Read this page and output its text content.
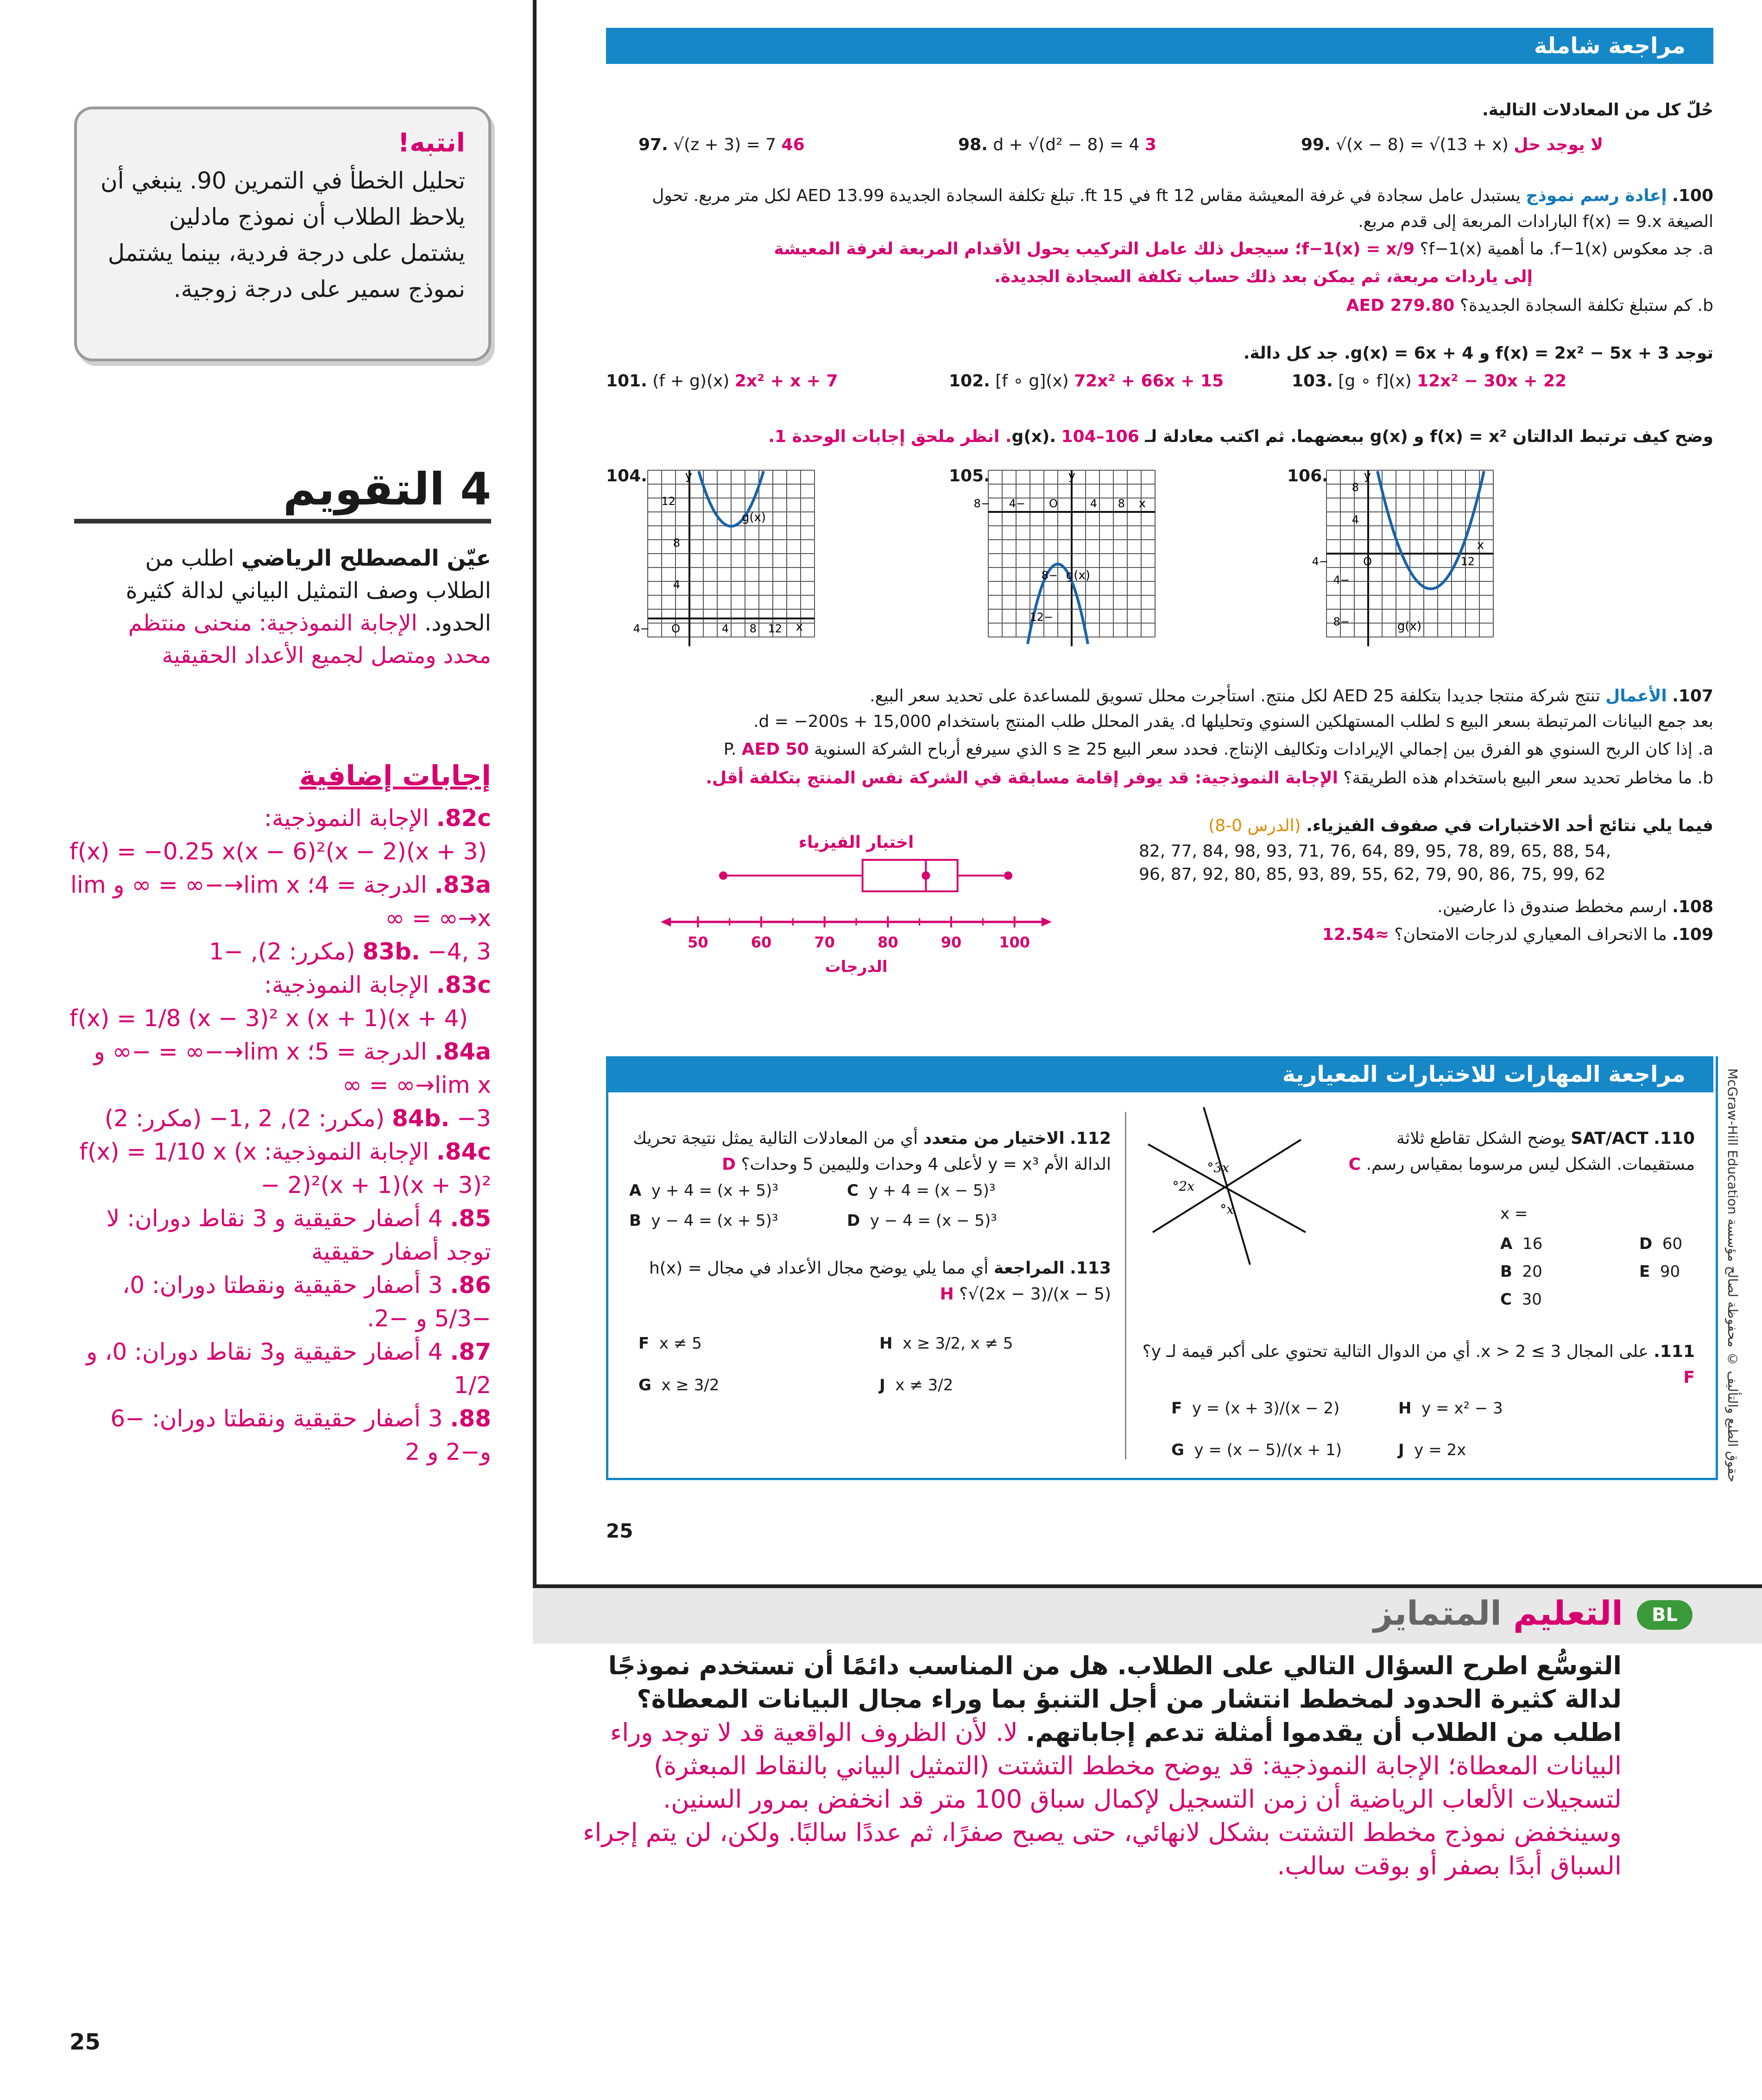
انتبه!
تحليل الخطأ في التمرين 90. ينبغي أن يلاحظ الطلاب أن نموذج مادلين يشتمل على درجة فردية، بينما يشتمل نموذج سمير على درجة زوجية.
4 التقويم
عيّن المصطلح الرياضي اطلب من الطلاب وصف التمثيل البياني لدالة كثيرة الحدود. الإجابة النموذجية: منحنى منتظم محدد ومتصل لجميع الأعداد الحقيقية
إجابات إضافية
82c. الإجابة النموذجية:
f(x) = −0.25 x(x − 6)²(x − 2)(x + 3)
83a. الدرجة = 4؛ lim x→−∞ = ∞ و lim x→∞ = ∞
83b. −4, 3 (مكرر: 2), −1
83c. الإجابة النموذجية:
f(x) = 1/8 (x − 3)² x (x + 1)(x + 4)
84a. الدرجة = 5؛ lim x→−∞ = −∞ و lim x→∞ = ∞
84b. −3 (مكرر: 2), 2 ,1− (مكرر: 2)
84c. الإجابة النموذجية: f(x) = 1/10 x (x − 2)²(x + 1)(x + 3)²
85. 4 أصفار حقيقية و 3 نقاط دوران: لا توجد أصفار حقيقية
86. 3 أصفار حقيقية ونقطتا دوران: 0، −5/3 و −2.
87. 4 أصفار حقيقية و3 نقاط دوران: 0، و 1/2
88. 3 أصفار حقيقية ونقطتا دوران: −6 و−2 و 2
25
مراجعة شاملة
حُلّ كل من المعادلات التالية.
97. √(z + 3) = 7 46	98. d + √(d² − 8) = 4 3	99. √(x − 8) = √(13 + x) لا يوجد حل
100. إعادة رسم نموذج يستبدل عامل سجادة في غرفة المعيشة مقاس 12 ft في 15 ft. تبلغ تكلفة السجادة الجديدة 13.99 AED لكل متر مربع. تحول الصيغة f(x) = 9.x البارادات المربعة إلى قدم مربع.
a. جد معكوس f−1(x). ما أهمية f−1(x)؟ f−1(x) = x/9؛ سيجعل ذلك عامل التركيب يحول الأقدام المربعة لغرفة المعيشة
إلى ياردات مربعة، ثم يمكن بعد ذلك حساب تكلفة السجادة الجديدة.
b. كم ستبلغ تكلفة السجادة الجديدة؟ AED 279.80
توجد f(x) = 2x² − 5x + 3 و g(x) = 6x + 4. جد كل دالة.
101. (f + g)(x) 2x² + x + 7	102. [f ∘ g](x) 72x² + 66x + 15	103. [g ∘ f](x) 12x² − 30x + 22
وضح كيف ترتبط الدالتان f(x) = x² و g(x) ببعضهما. ثم اكتب معادلة لـ g(x). 104–106. انظر ملحق إجابات الوحدة 1.
104.	y
x
g(x)
12
8
4
−4 O	4 8 12
105.	y
x
g(x)
−8 −4 O	4 8
−8
−12
106.	y
x
g(x)
8
4
−4	O	12
−4
−8
107. الأعمال تنتج شركة منتجا جديدا بتكلفة 25 AED لكل منتج. استأجرت محلل تسويق للمساعدة على تحديد سعر البيع.
بعد جمع البيانات المرتبطة بسعر البيع s لطلب المستهلكين السنوي وتحليلها d. يقدر المحلل طلب المنتج باستخدام d = −200s + 15,000.
a. إذا كان الربح السنوي هو الفرق بين إجمالي الإيرادات وتكاليف الإنتاج. فحدد سعر البيع s ≥ 25 الذي سيرفع أرباح الشركة السنوية P. AED 50
b. ما مخاطر تحديد سعر البيع باستخدام هذه الطريقة؟ الإجابة النموذجية: قد يوفر إقامة مسابقة في الشركة نفس المنتج بتكلفة أقل.
فيما يلي نتائج أحد الاختبارات في صفوف الفيزياء. (الدرس 0-8)
82, 77, 84, 98, 93, 71, 76, 64, 89, 95, 78, 89, 65, 88, 54,
96, 87, 92, 80, 85, 93, 89, 55, 62, 79, 90, 86, 75, 99, 62
108. ارسم مخطط صندوق ذا عارضين.
109. ما الانحراف المعياري لدرجات الامتحان؟ ≈12.54
اختبار الفيزياء
50	60	70	80	90	100
الدرجات
مراجعة المهارات للاختبارات المعيارية
110. SAT/ACT يوضح الشكل تقاطع ثلاثة مستقيمات. الشكل ليس مرسوما بمقياس رسم. C
3x°
2x°
x°	x =
A 16
B 20
C 30
D 60
E 90
111. على المجال 3 ≥ x > 2. أي من الدوال التالية تحتوي على أكبر قيمة لـ y؟ F
F y = (x + 3)/(x − 2)
G y = (x − 5)/(x + 1)
H y = x² − 3
J y = 2x
112. الاختيار من متعدد أي من المعادلات التالية يمثل نتيجة تحريك الدالة الأم y = x³ لأعلى 4 وحدات ولليمين 5 وحدات؟ D
A y + 4 = (x + 5)³
B y − 4 = (x + 5)³
C y + 4 = (x − 5)³
D y − 4 = (x − 5)³
113. المراجعة أي مما يلي يوضح مجال الأعداد في مجال h(x) = √(2x − 3)/(x − 5)؟ H
F x ≠ 5
G x ≥ 3/2
H x ≥ 3/2, x ≠ 5
J x ≠ 3/2
25
حقوق الطبع والتأليف © محفوظة لصالح مؤسسة McGraw-Hill Education
التعليم المتمايز	BL
التوسُّع اطرح السؤال التالي على الطلاب. هل من المناسب دائمًا أن تستخدم نموذجًا لدالة كثيرة الحدود لمخطط انتشار من أجل التنبؤ بما وراء مجال البيانات المعطاة؟ اطلب من الطلاب أن يقدموا أمثلة تدعم إجاباتهم. لا. لأن الظروف الواقعية قد لا توجد وراء البيانات المعطاة؛ الإجابة النموذجية: قد يوضح مخطط التشتت (التمثيل البياني بالنقاط المبعثرة) لتسجيلات الألعاب الرياضية أن زمن التسجيل لإكمال سباق 100 متر قد انخفض بمرور السنين. وسينخفض نموذج مخطط التشتت بشكل لانهائي، حتى يصبح صفرًا، ثم عددًا سالبًا. ولكن، لن يتم إجراء السباق أبدًا بصفر أو بوقت سالب.
